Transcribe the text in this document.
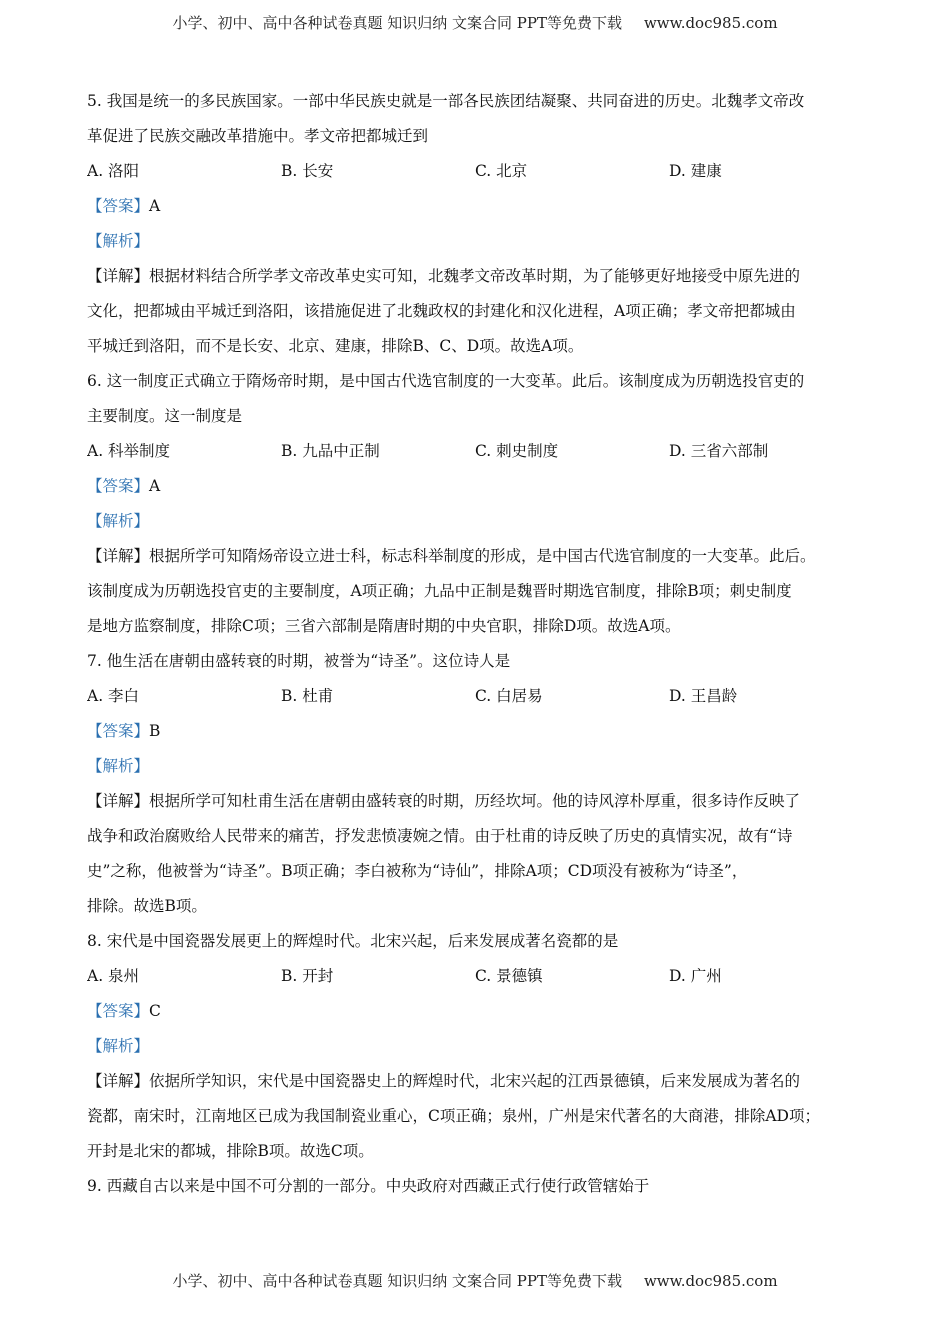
小学、初中、高中各种试卷真题 知识归纳 文案合同 PPT等免费下载 www.doc985.com
5. 我国是统一的多民族国家。一部中华民族史就是一部各民族团结凝聚、共同奋进的历史。北魏孝文帝改
革促进了民族交融改革措施中。孝文帝把都城迁到
A. 洛阳	B. 长安	C. 北京	D. 建康
【答案】A
【解析】
【详解】根据材料结合所学孝文帝改革史实可知，北魏孝文帝改革时期，为了能够更好地接受中原先进的
文化，把都城由平城迁到洛阳，该措施促进了北魏政权的封建化和汉化进程，A项正确；孝文帝把都城由
平城迁到洛阳，而不是长安、北京、建康，排除B、C、D项。故选A项。
6. 这一制度正式确立于隋炀帝时期，是中国古代选官制度的一大变革。此后。该制度成为历朝选投官吏的
主要制度。这一制度是
A. 科举制度	B. 九品中正制	C. 刺史制度	D. 三省六部制
【答案】A
【解析】
【详解】根据所学可知隋炀帝设立进士科，标志科举制度的形成，是中国古代选官制度的一大变革。此后。
该制度成为历朝选投官吏的主要制度，A项正确；九品中正制是魏晋时期选官制度，排除B项；刺史制度
是地方监察制度，排除C项；三省六部制是隋唐时期的中央官职，排除D项。故选A项。
7. 他生活在唐朝由盛转衰的时期，被誉为“诗圣”。这位诗人是
A. 李白	B. 杜甫	C. 白居易	D. 王昌龄
【答案】B
【解析】
【详解】根据所学可知杜甫生活在唐朝由盛转衰的时期，历经坎坷。他的诗风淳朴厚重，很多诗作反映了
战争和政治腐败给人民带来的痛苦，抒发悲愤凄婉之情。由于杜甫的诗反映了历史的真情实况，故有“诗
史”之称，他被誉为“诗圣”。B项正确；李白被称为“诗仙”，排除A项；CD项没有被称为“诗圣”，
排除。故选B项。
8. 宋代是中国瓷器发展更上的辉煌时代。北宋兴起，后来发展成著名瓷都的是
A. 泉州	B. 开封	C. 景德镇	D. 广州
【答案】C
【解析】
【详解】依据所学知识，宋代是中国瓷器史上的辉煌时代，北宋兴起的江西景德镇，后来发展成为著名的
瓷都，南宋时，江南地区已成为我国制瓷业重心，C项正确；泉州，广州是宋代著名的大商港，排除AD项；
开封是北宋的都城，排除B项。故选C项。
9. 西藏自古以来是中国不可分割的一部分。中央政府对西藏正式行使行政管辖始于
小学、初中、高中各种试卷真题 知识归纳 文案合同 PPT等免费下载 www.doc985.com
